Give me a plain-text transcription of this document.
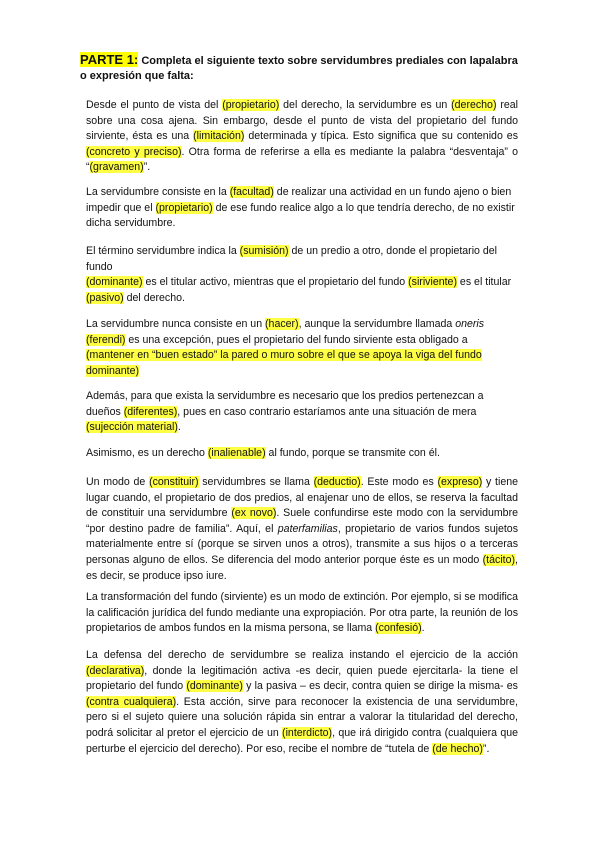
PARTE 1: Completa el siguiente texto sobre servidumbres prediales con lapalabra o expresión que falta:

Desde el punto de vista del (propietario) del derecho, la servidumbre es un (derecho) real sobre una cosa ajena. Sin embargo, desde el punto de vista del propietario del fundo sirviente, ésta es una (limitación) determinada y típica. Esto significa que su contenido es (concreto y preciso). Otra forma de referirse a ella es mediante la palabra “desventaja” o “(gravamen)”.

La servidumbre consiste en la (facultad) de realizar una actividad en un fundo ajeno o bien impedir que el (propietario) de ese fundo realice algo a lo que tendría derecho, de no existir dicha servidumbre.

El término servidumbre indica la (sumisión) de un predio a otro, donde el propietario del fundo
(dominante) es el titular activo, mientras que el propietario del fundo (siriviente) es el titular (pasivo) del derecho.

La servidumbre nunca consiste en un (hacer), aunque la servidumbre llamada oneris (ferendi) es una excepción, pues el propietario del fundo sirviente esta obligado a (mantener en “buen estado” la pared o muro sobre el que se apoya la viga del fundo dominante)

Además, para que exista la servidumbre es necesario que los predios pertenezcan a dueños (diferentes), pues en caso contrario estaríamos ante una situación de mera (sujección material).

Asimismo, es un derecho (inalienable) al fundo, porque se transmite con él.

Un modo de (constituir) servidumbres se llama (deductio). Este modo es (expreso) y tiene lugar cuando, el propietario de dos predios, al enajenar uno de ellos, se reserva la facultad de constituir una servidumbre (ex novo). Suele confundirse este modo con la servidumbre “por destino padre de familia”. Aquí, el paterfamilias, propietario de varios fundos sujetos materialmente entre sí (porque se sirven unos a otros), transmite a sus hijos o a terceras personas alguno de ellos. Se diferencia del modo anterior porque éste es un modo (tácito), es decir, se produce ipso iure.

La transformación del fundo (sirviente) es un modo de extinción. Por ejemplo, si se modifica la calificación jurídica del fundo mediante una expropiación. Por otra parte, la reunión de los propietarios de ambos fundos en la misma persona, se llama (confesió).

La defensa del derecho de servidumbre se realiza instando el ejercicio de la acción (declarativa), donde la legitimación activa -es decir, quien puede ejercitarla- la tiene el propietario del fundo (dominante) y la pasiva – es decir, contra quien se dirige la misma- es (contra cualquiera). Esta acción, sirve para reconocer la existencia de una servidumbre, pero si el sujeto quiere una solución rápida sin entrar a valorar la titularidad del derecho, podrá solicitar al pretor el ejercicio de un (interdicto), que irá dirigido contra (cualquiera que perturbe el ejercicio del derecho). Por eso, recibe el nombre de “tutela de (de hecho)”.
